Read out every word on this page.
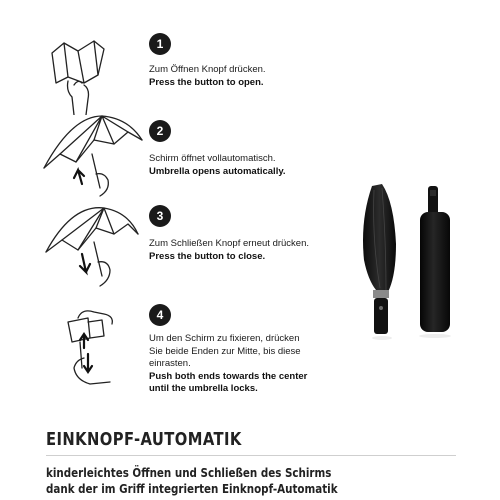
1
Zum Öffnen Knopf drücken.
Press the button to open.
2
Schirm öffnet vollautomatisch.
Umbrella opens automatically.
3
Zum Schließen Knopf erneut drücken.
Press the button to close.
4
Um den Schirm zu fixieren, drücken Sie beide Enden zur Mitte, bis diese einrasten.
Push both ends towards the center until the umbrella locks.
EINKNOPF-AUTOMATIK
kinderleichtes Öffnen und Schließen des Schirms
dank der im Griff integrierten Einknopf-Automatik
